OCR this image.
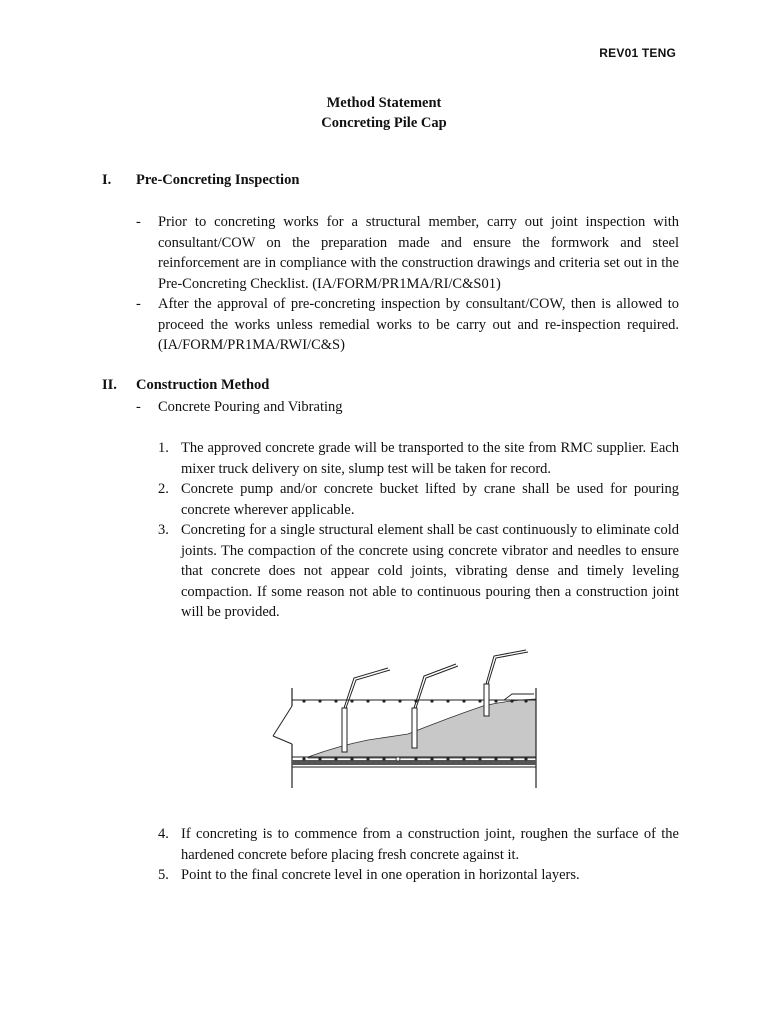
REV01 TENG
Method Statement
Concreting Pile Cap
I. Pre-Concreting Inspection
-	Prior to concreting works for a structural member, carry out joint inspection with consultant/COW on the preparation made and ensure the formwork and steel reinforcement are in compliance with the construction drawings and criteria set out in the Pre-Concreting Checklist. (IA/FORM/PR1MA/RI/C&S01)
-	After the approval of pre-concreting inspection by consultant/COW, then is allowed to proceed the works unless remedial works to be carry out and re-inspection required. (IA/FORM/PR1MA/RWI/C&S)
II. Construction Method
-	Concrete Pouring and Vibrating
1. The approved concrete grade will be transported to the site from RMC supplier. Each mixer truck delivery on site, slump test will be taken for record.
2. Concrete pump and/or concrete bucket lifted by crane shall be used for pouring concrete wherever applicable.
3. Concreting for a single structural element shall be cast continuously to eliminate cold joints. The compaction of the concrete using concrete vibrator and needles to ensure that concrete does not appear cold joints, vibrating dense and timely leveling compaction. If some reason not able to continuous pouring then a construction joint will be provided.
4. If concreting is to commence from a construction joint, roughen the surface of the hardened concrete before placing fresh concrete against it.
5. Point to the final concrete level in one operation in horizontal layers.
